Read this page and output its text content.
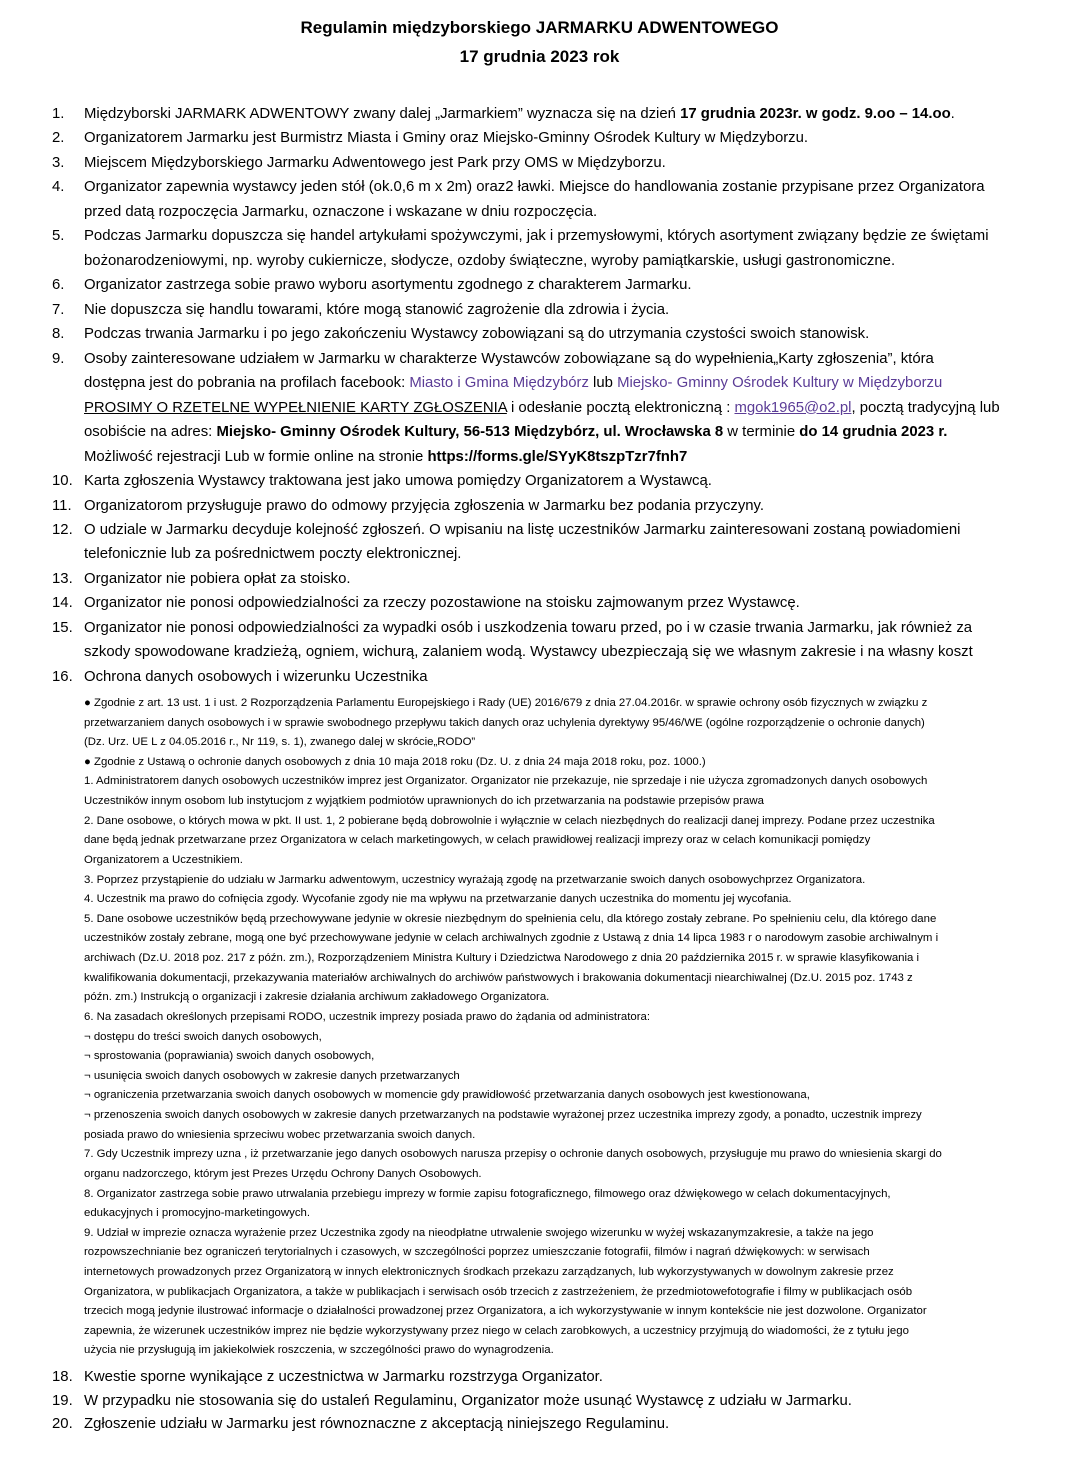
Regulamin międzyborskiego JARMARKU ADWENTOWEGO
17 grudnia 2023 rok
1.	Międzyborski JARMARK ADWENTOWY zwany dalej „Jarmarkiem” wyznacza się na dzień 17 grudnia 2023r. w godz. 9.oo – 14.oo.
2.	Organizatorem Jarmarku jest Burmistrz Miasta i Gminy oraz Miejsko-Gminny Ośrodek Kultury w Międzyborzu.
3.	Miejscem Międzyborskiego Jarmarku Adwentowego jest Park przy OMS w Międzyborzu.
4.	Organizator zapewnia wystawcy jeden stół (ok.0,6 m x 2m) oraz2 ławki. Miejsce do handlowania zostanie przypisane przez Organizatora
przed datą rozpoczęcia Jarmarku, oznaczone i wskazane w dniu rozpoczęcia.
5.	Podczas Jarmarku dopuszcza się handel artykułami spożywczymi, jak i przemysłowymi, których asortyment związany będzie ze świętami
bożonarodzeniowymi, np. wyroby cukiernicze, słodycze, ozdoby świąteczne, wyroby pamiątkarskie, usługi gastronomiczne.
6.	Organizator zastrzega sobie prawo wyboru asortymentu zgodnego z charakterem Jarmarku.
7.	Nie dopuszcza się handlu towarami, które mogą stanowić zagrożenie dla zdrowia i życia.
8.	Podczas trwania Jarmarku i po jego zakończeniu Wystawcy zobowiązani są do utrzymania czystości swoich stanowisk.
9.	Osoby zainteresowane udziałem w Jarmarku w charakterze Wystawców zobowiązane są do wypełnienia„Karty zgłoszenia”, która
dostępna jest do pobrania na profilach facebook: Miasto i Gmina Międzybórz lub Miejsko- Gminny Ośrodek Kultury w Międzyborzu
PROSIMY O RZETELNE WYPEŁNIENIE KARTY ZGŁOSZENIA i odesłanie pocztą elektroniczną : mgok1965@o2.pl, pocztą tradycyjną lub
osobiście na adres: Miejsko- Gminny Ośrodek Kultury, 56-513 Międzybórz, ul. Wrocławska 8 w terminie do 14 grudnia 2023 r.
Możliwość rejestracji Lub w formie online na stronie https://forms.gle/SYyK8tszpTzr7fnh7
10. Karta zgłoszenia Wystawcy traktowana jest jako umowa pomiędzy Organizatorem a Wystawcą.
11. Organizatorom przysługuje prawo do odmowy przyjęcia zgłoszenia w Jarmarku bez podania przyczyny.
12. O udziale w Jarmarku decyduje kolejność zgłoszeń. O wpisaniu na listę uczestników Jarmarku zainteresowani zostaną powiadomieni
telefonicznie lub za pośrednictwem poczty elektronicznej.
13. Organizator nie pobiera opłat za stoisko.
14. Organizator nie ponosi odpowiedzialności za rzeczy pozostawione na stoisku zajmowanym przez Wystawcę.
15. Organizator nie ponosi odpowiedzialności za wypadki osób i uszkodzenia towaru przed, po i w czasie trwania Jarmarku, jak również za
szkody spowodowane kradzieżą, ogniem, wichurą, zalaniem wodą. Wystawcy ubezpieczają się we własnym zakresie i na własny koszt
16. Ochrona danych osobowych i wizerunku Uczestnika
● Zgodnie z art. 13 ust. 1 i ust. 2 Rozporządzenia Parlamentu Europejskiego i Rady (UE) 2016/679 z dnia 27.04.2016r. w sprawie ochrony osób fizycznych w związku z
przetwarzaniem danych osobowych i w sprawie swobodnego przepływu takich danych oraz uchylenia dyrektywy 95/46/WE (ogólne rozporządzenie o ochronie danych)
(Dz. Urz. UE L z 04.05.2016 r., Nr 119, s. 1), zwanego dalej w skrócie„RODO”
● Zgodnie z Ustawą o ochronie danych osobowych z dnia 10 maja 2018 roku (Dz. U. z dnia 24 maja 2018 roku, poz. 1000.)
1. Administratorem danych osobowych uczestników imprez jest Organizator. Organizator nie przekazuje, nie sprzedaje i nie użycza zgromadzonych danych osobowych
Uczestników innym osobom lub instytucjom z wyjątkiem podmiotów uprawnionych do ich przetwarzania na podstawie przepisów prawa
2. Dane osobowe, o których mowa w pkt. II ust. 1, 2 pobierane będą dobrowolnie i wyłącznie w celach niezbędnych do realizacji danej imprezy. Podane przez uczestnika
dane będą jednak przetwarzane przez Organizatora w celach marketingowych, w celach prawidłowej realizacji imprezy oraz w celach komunikacji pomiędzy
Organizatorem a Uczestnikiem.
3. Poprzez przystąpienie do udziału w Jarmarku adwentowym, uczestnicy wyrażają zgodę na przetwarzanie swoich danych osobowychprzez Organizatora.
4. Uczestnik ma prawo do cofnięcia zgody. Wycofanie zgody nie ma wpływu na przetwarzanie danych uczestnika do momentu jej wycofania.
5. Dane osobowe uczestników będą przechowywane jedynie w okresie niezbędnym do spełnienia celu, dla którego zostały zebrane. Po spełnieniu celu, dla którego dane
uczestników zostały zebrane, mogą one być przechowywane jedynie w celach archiwalnych zgodnie z Ustawą z dnia 14 lipca 1983 r o narodowym zasobie archiwalnym i
archiwach (Dz.U. 2018 poz. 217 z późn. zm.), Rozporządzeniem Ministra Kultury i Dziedzictwa Narodowego z dnia 20 października 2015 r. w sprawie klasyfikowania i
kwalifikowania dokumentacji, przekazywania materiałów archiwalnych do archiwów państwowych i brakowania dokumentacji niearchiwalnej (Dz.U. 2015 poz. 1743 z
późn. zm.) Instrukcją o organizacji i zakresie działania archiwum zakładowego Organizatora.
6. Na zasadach określonych przepisami RODO, uczestnik imprezy posiada prawo do żądania od administratora:
¬ dostępu do treści swoich danych osobowych,
¬ sprostowania (poprawiania) swoich danych osobowych,
¬ usunięcia swoich danych osobowych w zakresie danych przetwarzanych
¬ ograniczenia przetwarzania swoich danych osobowych w momencie gdy prawidłowość przetwarzania danych osobowych jest kwestionowana,
¬ przenoszenia swoich danych osobowych w zakresie danych przetwarzanych na podstawie wyrażonej przez uczestnika imprezy zgody, a ponadto, uczestnik imprezy
posiada prawo do wniesienia sprzeciwu wobec przetwarzania swoich danych.
7. Gdy Uczestnik imprezy uzna , iż przetwarzanie jego danych osobowych narusza przepisy o ochronie danych osobowych, przysługuje mu prawo do wniesienia skargi do
organu nadzorczego, którym jest Prezes Urzędu Ochrony Danych Osobowych.
8. Organizator zastrzega sobie prawo utrwalania przebiegu imprezy w formie zapisu fotograficznego, filmowego oraz dźwiękowego w celach dokumentacyjnych,
edukacyjnych i promocyjno-marketingowych.
9. Udział w imprezie oznacza wyrażenie przez Uczestnika zgody na nieodpłatne utrwalenie swojego wizerunku w wyżej wskazanymzakresie, a także na jego
rozpowszechnianie bez ograniczeń terytorialnych i czasowych, w szczególności poprzez umieszczanie fotografii, filmów i nagrań dźwiękowych: w serwisach
internetowych prowadzonych przez Organizatorą w innych elektronicznych środkach przekazu zarządzanych, lub wykorzystywanych w dowolnym zakresie przez
Organizatora, w publikacjach Organizatora, a także w publikacjach i serwisach osób trzecich z zastrzeżeniem, że przedmiotowefotografie i filmy w publikacjach osób
trzecich mogą jedynie ilustrować informacje o działalności prowadzonej przez Organizatora, a ich wykorzystywanie w innym kontekście nie jest dozwolone. Organizator
zapewnia, że wizerunek uczestników imprez nie będzie wykorzystywany przez niego w celach zarobkowych, a uczestnicy przyjmują do wiadomości, że z tytułu jego
użycia nie przysługują im jakiekolwiek roszczenia, w szczególności prawo do wynagrodzenia.
18. Kwestie sporne wynikające z uczestnictwa w Jarmarku rozstrzyga Organizator.
19. W przypadku nie stosowania się do ustaleń Regulaminu, Organizator może usunąć Wystawcę z udziału w Jarmarku.
20. Zgłoszenie udziału w Jarmarku jest równoznaczne z akceptacją niniejszego Regulaminu.
